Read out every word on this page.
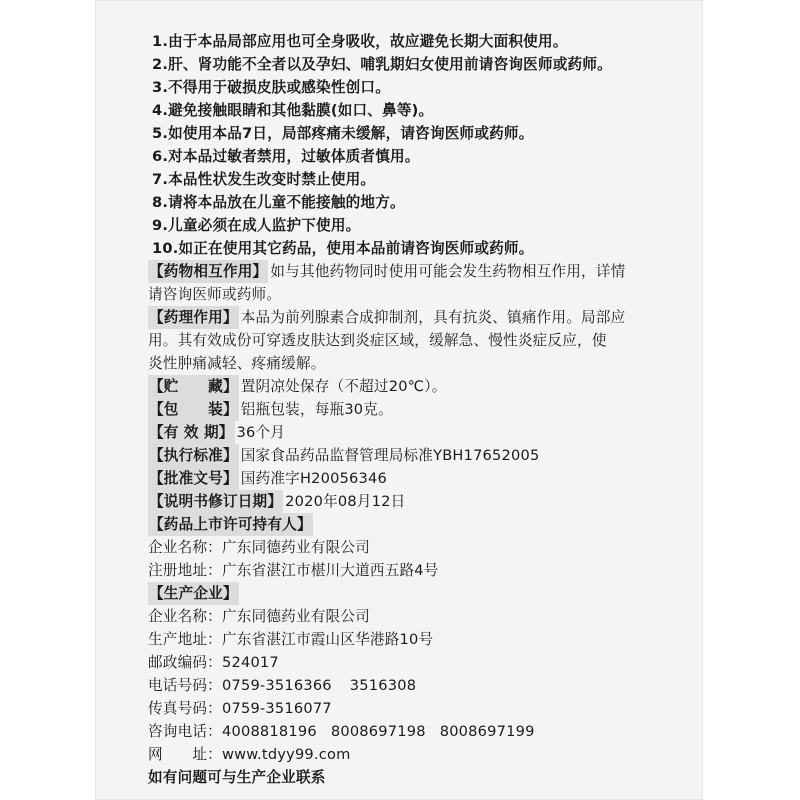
1.由于本品局部应用也可全身吸收，故应避免长期大面积使用。
2.肝、肾功能不全者以及孕妇、哺乳期妇女使用前请咨询医师或药师。
3.不得用于破损皮肤或感染性创口。
4.避免接触眼睛和其他黏膜(如口、鼻等)。
5.如使用本品7日，局部疼痛未缓解，请咨询医师或药师。
6.对本品过敏者禁用，过敏体质者慎用。
7.本品性状发生改变时禁止使用。
8.请将本品放在儿童不能接触的地方。
9.儿童必须在成人监护下使用。
10.如正在使用其它药品，使用本品前请咨询医师或药师。
【药物相互作用】 如与其他药物同时使用可能会发生药物相互作用，详情
请咨询医师或药师。
【药理作用】 本品为前列腺素合成抑制剂，具有抗炎、镇痛作用。局部应
用。其有效成份可穿透皮肤达到炎症区域，缓解急、慢性炎症反应，使
炎性肿痛减轻、疼痛缓解。
【贮　　藏】 置阴凉处保存（不超过20℃）。
【包　　装】 铝瓶包装，每瓶30克。
【有 效 期】 36个月
【执行标准】 国家食品药品监督管理局标准YBH17652005
【批准文号】 国药准字H20056346
【说明书修订日期】 2020年08月12日
【药品上市许可持有人】
企业名称：广东同德药业有限公司
注册地址：广东省湛江市椹川大道西五路4号
【生产企业】
企业名称：广东同德药业有限公司
生产地址：广东省湛江市霞山区华港路10号
邮政编码：524017
电话号码：0759-3516366 3516308
传真号码：0759-3516077
咨询电话：4008818196 8008697198 8008697199
网　　址：www.tdyy99.com
如有问题可与生产企业联系
